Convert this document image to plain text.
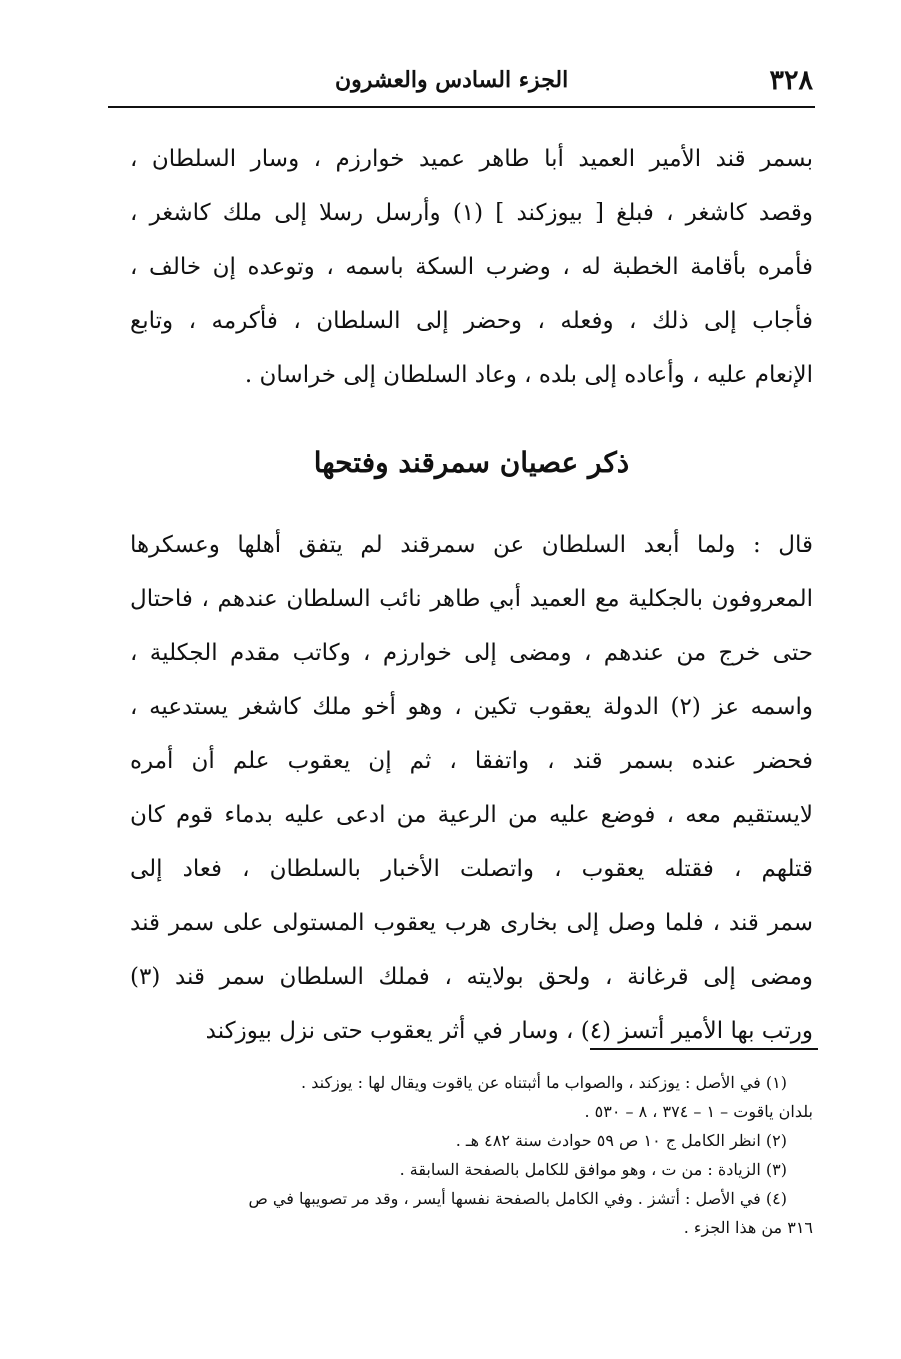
٣٢٨
الجزء السادس والعشرون
بسمر قند الأمير العميد أبا طاهر عميد خوارزم ، وسار السلطان ،
وقصد كاشغر ، فبلغ [ بيوزكند ] (١) وأرسل رسلا إلى ملك كاشغر ،
فأمره بأقامة الخطبة له ، وضرب السكة باسمه ، وتوعده إن خالف ،
فأجاب إلى ذلك ، وفعله ، وحضر إلى السلطان ، فأكرمه ، وتابع
الإنعام عليه ، وأعاده إلى بلده ، وعاد السلطان إلى خراسان .
ذكر عصيان سمرقند وفتحها
قال : ولما أبعد السلطان عن سمرقند لم يتفق أهلها وعسكرها
المعروفون بالجكلية مع العميد أبي طاهر نائب السلطان عندهم ، فاحتال
حتى خرج من عندهم ، ومضى إلى خوارزم ، وكاتب مقدم الجكلية ،
واسمه عز (٢) الدولة يعقوب تكين ، وهو أخو ملك كاشغر يستدعيه ،
فحضر عنده بسمر قند ، واتفقا ، ثم إن يعقوب علم أن أمره
لايستقيم معه ، فوضع عليه من الرعية من ادعى عليه بدماء قوم كان
قتلهم ، فقتله يعقوب ، واتصلت الأخبار بالسلطان ، فعاد إلى
سمر قند ، فلما وصل إلى بخارى هرب يعقوب المستولى على سمر قند
ومضى إلى قرغانة ، ولحق بولايته ، فملك السلطان سمر قند (٣)
ورتب بها الأمير أتسز (٤) ، وسار في أثر يعقوب حتى نزل بيوزكند
(١) في الأصل : يوزكند ، والصواب ما أثبتناه عن ياقوت ويقال لها : يوزكند .
بلدان ياقوت – ١ – ٣٧٤ ، ٨ – ٥٣٠ .
(٢) انظر الكامل ج ١٠ ص ٥٩ حوادث سنة ٤٨٢ هـ .
(٣) الزيادة : من ت ، وهو موافق للكامل بالصفحة السابقة .
(٤) في الأصل : أتشز . وفي الكامل بالصفحة نفسها أيسر ، وقد مر تصويبها في ص
٣١٦ من هذا الجزء .
